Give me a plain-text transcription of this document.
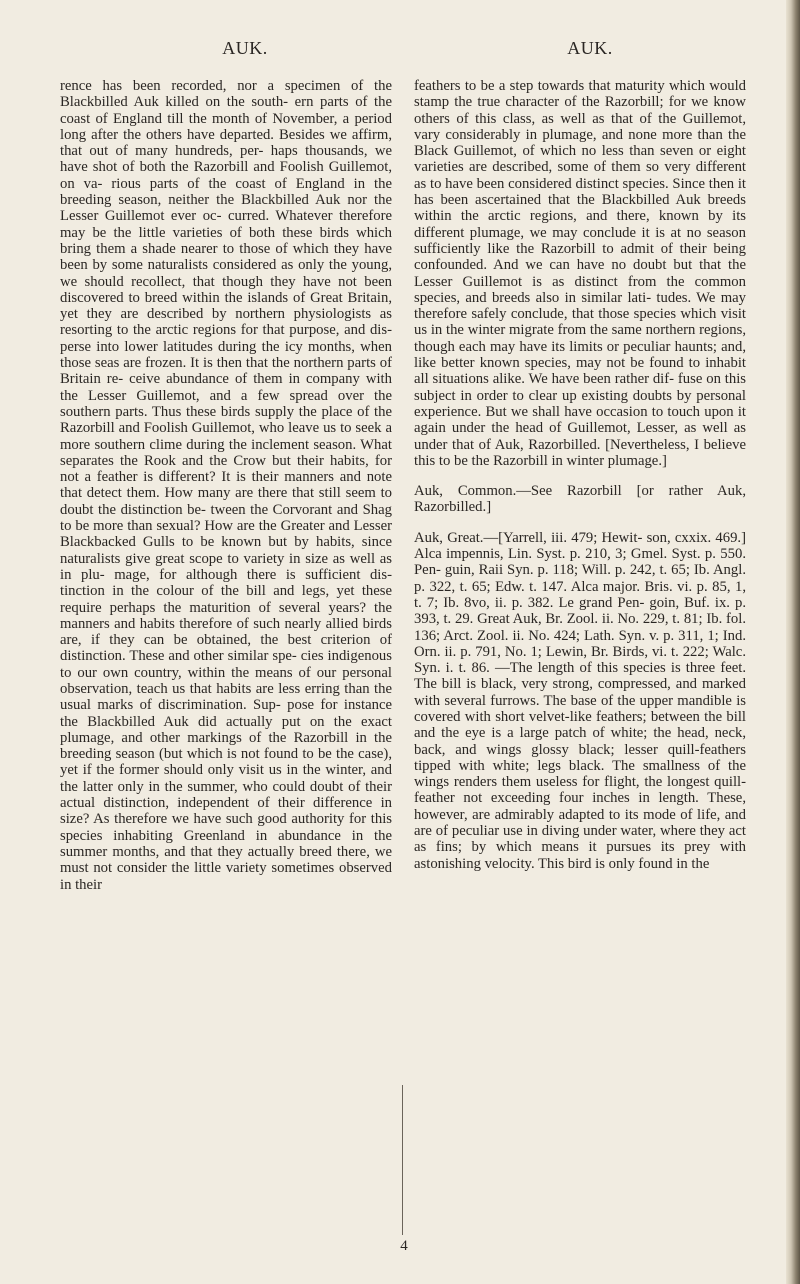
AUK.	AUK.

rence has been recorded, nor a specimen of the Blackbilled Auk killed on the south- ern parts of the coast of England till the month of November, a period long after the others have departed. Besides we affirm, that out of many hundreds, per- haps thousands, we have shot of both the Razorbill and Foolish Guillemot, on va- rious parts of the coast of England in the breeding season, neither the Blackbilled Auk nor the Lesser Guillemot ever oc- curred. Whatever therefore may be the little varieties of both these birds which bring them a shade nearer to those of which they have been by some naturalists considered as only the young, we should recollect, that though they have not been discovered to breed within the islands of Great Britain, yet they are described by northern physiologists as resorting to the arctic regions for that purpose, and dis- perse into lower latitudes during the icy months, when those seas are frozen. It is then that the northern parts of Britain re- ceive abundance of them in company with the Lesser Guillemot, and a few spread over the southern parts. Thus these birds supply the place of the Razorbill and Foolish Guillemot, who leave us to seek a more southern clime during the inclement season. What separates the Rook and the Crow but their habits, for not a feather is different? It is their manners and note that detect them. How many are there that still seem to doubt the distinction be- tween the Corvorant and Shag to be more than sexual? How are the Greater and Lesser Blackbacked Gulls to be known but by habits, since naturalists give great scope to variety in size as well as in plu- mage, for although there is sufficient dis- tinction in the colour of the bill and legs, yet these require perhaps the maturition of several years? the manners and habits therefore of such nearly allied birds are, if they can be obtained, the best criterion of distinction. These and other similar spe- cies indigenous to our own country, within the means of our personal observation, teach us that habits are less erring than the usual marks of discrimination. Sup- pose for instance the Blackbilled Auk did actually put on the exact plumage, and other markings of the Razorbill in the breeding season (but which is not found to be the case), yet if the former should only visit us in the winter, and the latter only in the summer, who could doubt of their actual distinction, independent of their difference in size? As therefore we have such good authority for this species inhabiting Greenland in abundance in the summer months, and that they actually breed there, we must not consider the little variety sometimes observed in their

feathers to be a step towards that maturity which would stamp the true character of the Razorbill; for we know others of this class, as well as that of the Guillemot, vary considerably in plumage, and none more than the Black Guillemot, of which no less than seven or eight varieties are described, some of them so very different as to have been considered distinct species. Since then it has been ascertained that the Blackbilled Auk breeds within the arctic regions, and there, known by its different plumage, we may conclude it is at no season sufficiently like the Razorbill to admit of their being confounded. And we can have no doubt but that the Lesser Guillemot is as distinct from the common species, and breeds also in similar lati- tudes. We may therefore safely conclude, that those species which visit us in the winter migrate from the same northern regions, though each may have its limits or peculiar haunts; and, like better known species, may not be found to inhabit all situations alike. We have been rather dif- fuse on this subject in order to clear up existing doubts by personal experience. But we shall have occasion to touch upon it again under the head of Guillemot, Lesser, as well as under that of Auk, Razorbilled. [Nevertheless, I believe this to be the Razorbill in winter plumage.]

Auk, Common.—See Razorbill [or rather Auk, Razorbilled.]

Auk, Great.—[Yarrell, iii. 479; Hewit- son, cxxix. 469.] Alca impennis, Lin. Syst. p. 210, 3; Gmel. Syst. p. 550. Pen- guin, Raii Syn. p. 118; Will. p. 242, t. 65; Ib. Angl. p. 322, t. 65; Edw. t. 147. Alca major. Bris. vi. p. 85, 1, t. 7; Ib. 8vo, ii. p. 382. Le grand Pen- goin, Buf. ix. p. 393, t. 29. Great Auk, Br. Zool. ii. No. 229, t. 81; Ib. fol. 136; Arct. Zool. ii. No. 424; Lath. Syn. v. p. 311, 1; Ind. Orn. ii. p. 791, No. 1; Lewin, Br. Birds, vi. t. 222; Walc. Syn. i. t. 86. —The length of this species is three feet. The bill is black, very strong, compressed, and marked with several furrows. The base of the upper mandible is covered with short velvet-like feathers; between the bill and the eye is a large patch of white; the head, neck, back, and wings glossy black; lesser quill-feathers tipped with white; legs black. The smallness of the wings renders them useless for flight, the longest quill-feather not exceeding four inches in length. These, however, are admirably adapted to its mode of life, and are of peculiar use in diving under water, where they act as fins; by which means it pursues its prey with astonishing velocity. This bird is only found in the

4
